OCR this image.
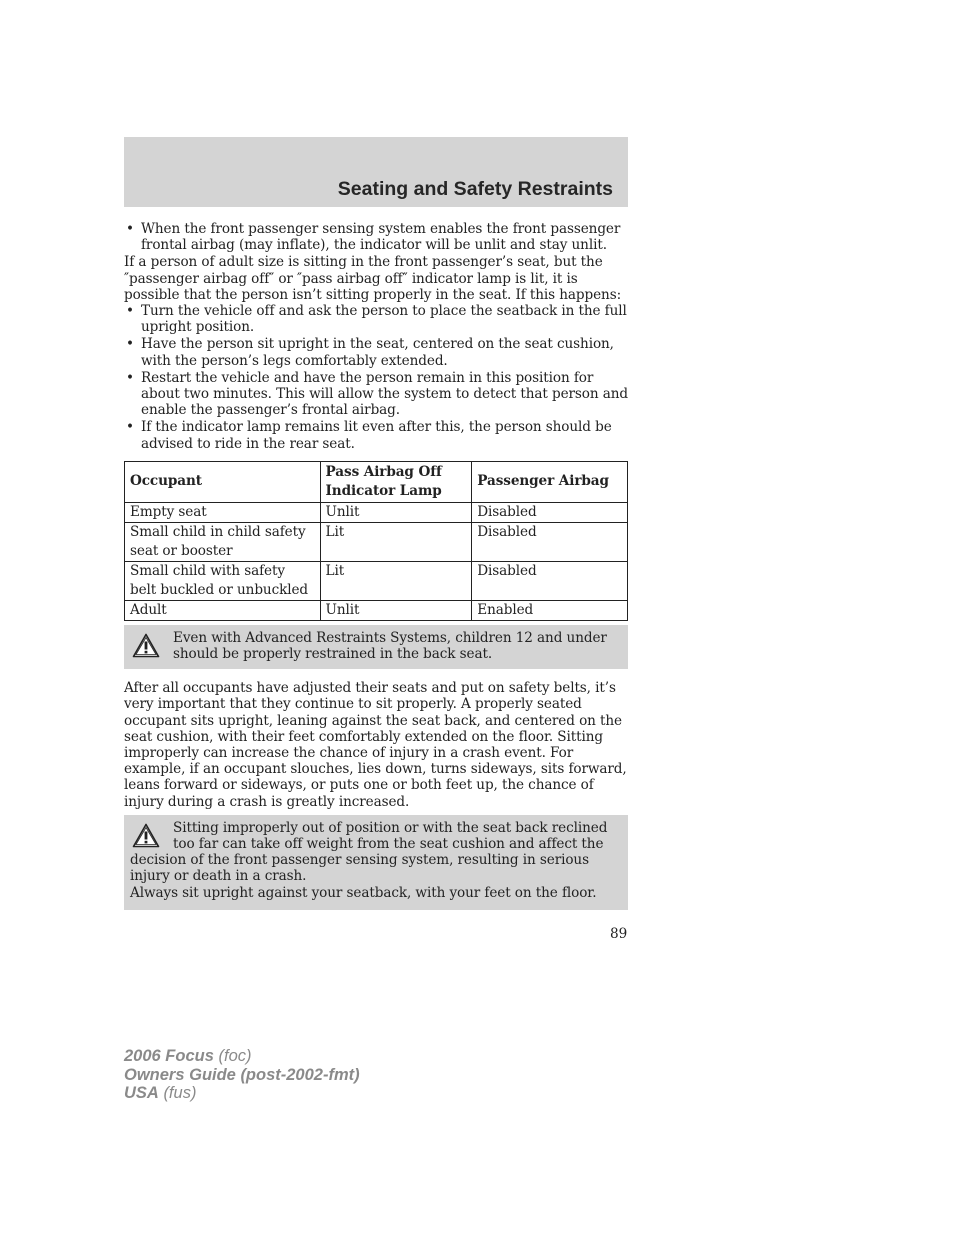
Seating and Safety Restraints

• When the front passenger sensing system enables the front passenger frontal airbag (may inflate), the indicator will be unlit and stay unlit.

If a person of adult size is sitting in the front passenger’s seat, but the ″passenger airbag off″ or ″pass airbag off″ indicator lamp is lit, it is possible that the person isn’t sitting properly in the seat. If this happens:

• Turn the vehicle off and ask the person to place the seatback in the full upright position.

• Have the person sit upright in the seat, centered on the seat cushion, with the person’s legs comfortably extended.

• Restart the vehicle and have the person remain in this position for about two minutes. This will allow the system to detect that person and enable the passenger’s frontal airbag.

• If the indicator lamp remains lit even after this, the person should be advised to ride in the rear seat.

Occupant	Pass Airbag Off Indicator Lamp	Passenger Airbag
Empty seat	Unlit	Disabled
Small child in child safety seat or booster	Lit	Disabled
Small child with safety belt buckled or unbuckled	Lit	Disabled
Adult	Unlit	Enabled
Even with Advanced Restraints Systems, children 12 and under should be properly restrained in the back seat.

After all occupants have adjusted their seats and put on safety belts, it’s very important that they continue to sit properly. A properly seated occupant sits upright, leaning against the seat back, and centered on the seat cushion, with their feet comfortably extended on the floor. Sitting improperly can increase the chance of injury in a crash event. For example, if an occupant slouches, lies down, turns sideways, sits forward, leans forward or sideways, or puts one or both feet up, the chance of injury during a crash is greatly increased.

Sitting improperly out of position or with the seat back reclined
too far can take off weight from the seat cushion and affect the
decision of the front passenger sensing system, resulting in serious injury or death in a crash.
Always sit upright against your seatback, with your feet on the floor.
89
2006 Focus (foc)
Owners Guide (post-2002-fmt)
USA (fus)
